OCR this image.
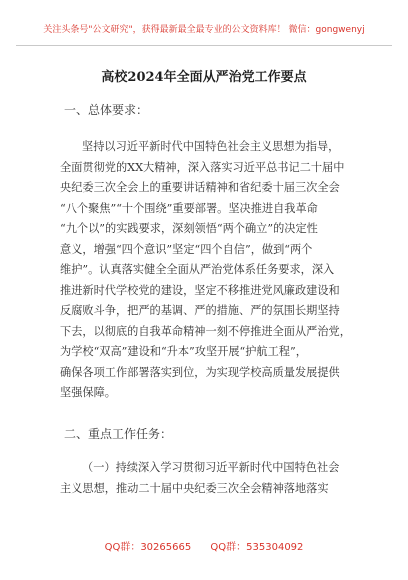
关注头条号"公文研究"，获得最新最全最专业的公文资料库！ 微信：gongwenyj
高校2024年全面从严治党工作要点
一、总体要求：
坚持以习近平新时代中国特色社会主义思想为指导，
全面贯彻党的XX大精神，深入落实习近平总书记二十届中
央纪委三次全会上的重要讲话精神和省纪委十届三次全会
“八个聚焦”“十个围绕”重要部署。坚决推进自我革命
“九个以”的实践要求，深刻领悟“两个确立”的决定性
意义，增强“四个意识”坚定“四个自信”，做到“两个
维护”。认真落实健全全面从严治党体系任务要求，深入
推进新时代学校党的建设，坚定不移推进党风廉政建设和
反腐败斗争，把严的基调、严的措施、严的氛围长期坚持
下去，以彻底的自我革命精神一刻不停推进全面从严治党，
为学校“双高”建设和“升本”攻坚开展“护航工程”，
确保各项工作部署落实到位，为实现学校高质量发展提供
坚强保障。
二、重点工作任务：
（一）持续深入学习贯彻习近平新时代中国特色社会
主义思想，推动二十届中央纪委三次全会精神落地落实
QQ群：30265665 QQ群：535304092
